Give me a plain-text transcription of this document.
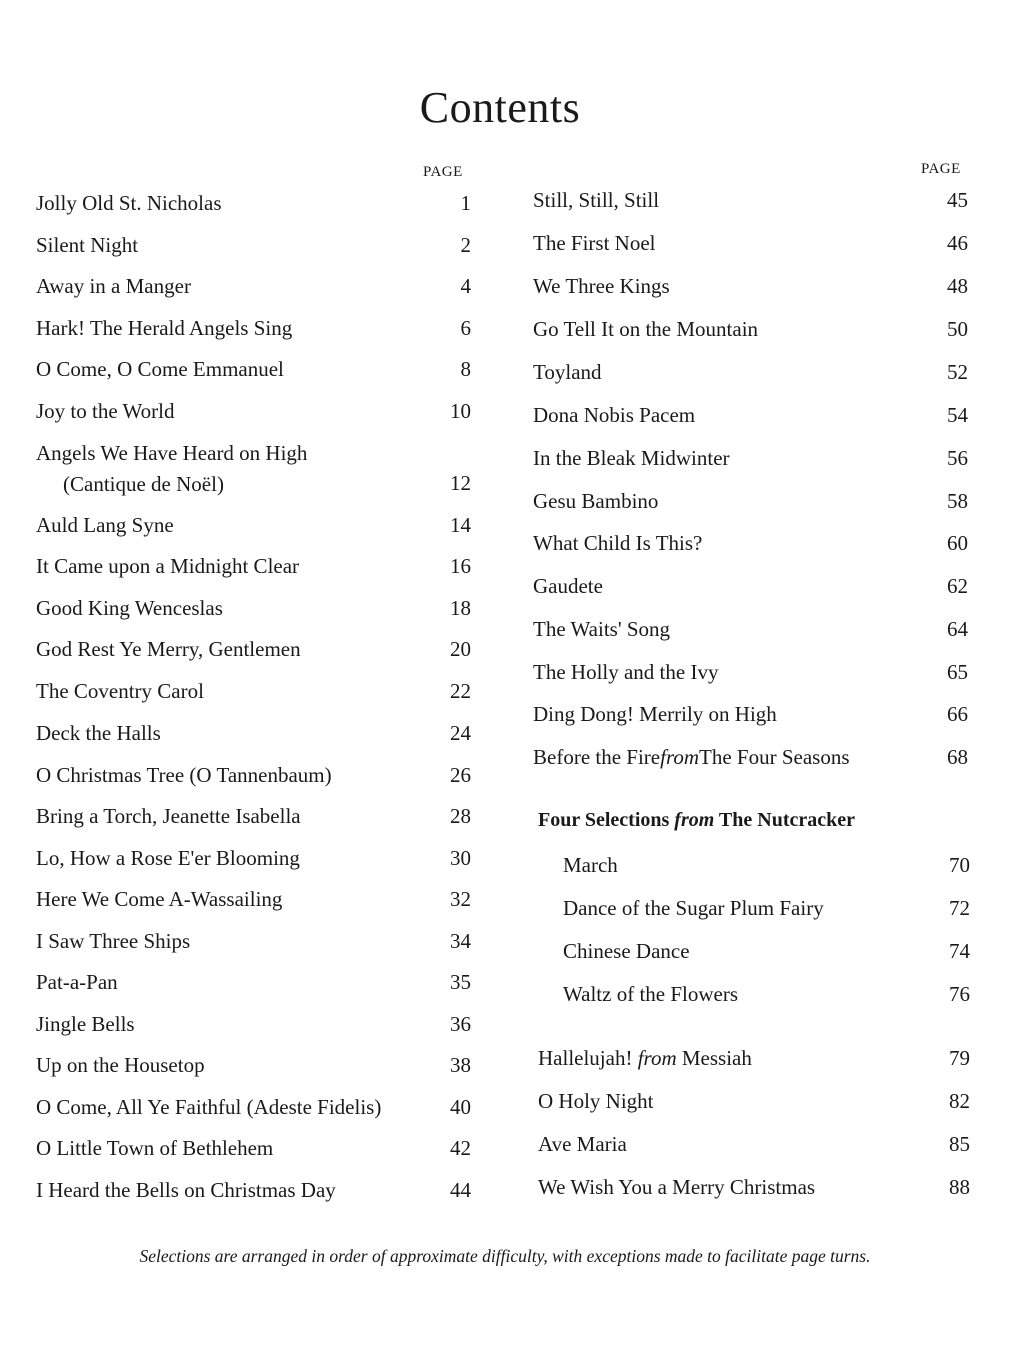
Contents
PAGE	PAGE
Jolly Old St. Nicholas	1
Silent Night	2
Away in a Manger	4
Hark! The Herald Angels Sing	6
O Come, O Come Emmanuel	8
Joy to the World	10
Angels We Have Heard on High
(Cantique de Noël)	12
Auld Lang Syne	14
It Came upon a Midnight Clear	16
Good King Wenceslas	18
God Rest Ye Merry, Gentlemen	20
The Coventry Carol	22
Deck the Halls	24
O Christmas Tree (O Tannenbaum)	26
Bring a Torch, Jeanette Isabella	28
Lo, How a Rose E'er Blooming	30
Here We Come A-Wassailing	32
I Saw Three Ships	34
Pat-a-Pan	35
Jingle Bells	36
Up on the Housetop	38
O Come, All Ye Faithful (Adeste Fidelis)	40
O Little Town of Bethlehem	42
I Heard the Bells on Christmas Day	44
Still, Still, Still	45
The First Noel	46
We Three Kings	48
Go Tell It on the Mountain	50
Toyland	52
Dona Nobis Pacem	54
In the Bleak Midwinter	56
Gesu Bambino	58
What Child Is This?	60
Gaudete	62
The Waits' Song	64
The Holly and the Ivy	65
Ding Dong! Merrily on High	66
Before the FirefromThe Four Seasons	68
Four Selections from The Nutcracker
March	70
Dance of the Sugar Plum Fairy	72
Chinese Dance	74
Waltz of the Flowers	76
Hallelujah! from Messiah	79
O Holy Night	82
Ave Maria	85
We Wish You a Merry Christmas	88
Selections are arranged in order of approximate difficulty, with exceptions made to facilitate page turns.
